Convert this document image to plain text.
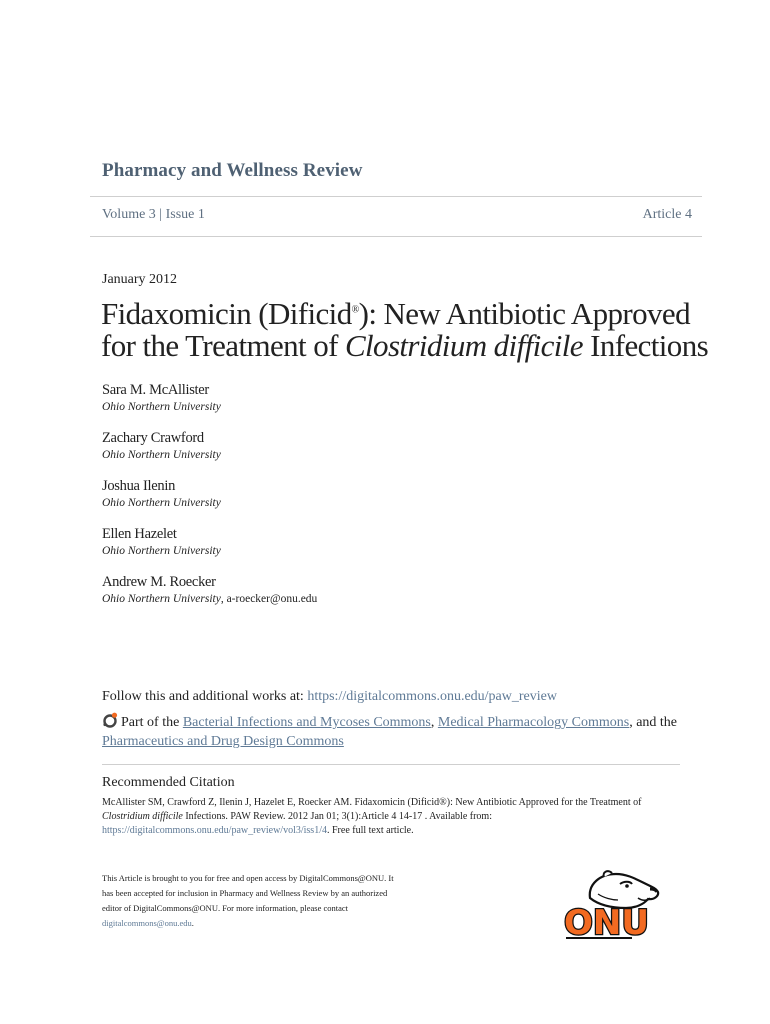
Pharmacy and Wellness Review
Volume 3 | Issue 1	Article 4
January 2012
Fidaxomicin (Dificid®): New Antibiotic Approved for the Treatment of Clostridium difficile Infections
Sara M. McAllister
Ohio Northern University
Zachary Crawford
Ohio Northern University
Joshua Ilenin
Ohio Northern University
Ellen Hazelet
Ohio Northern University
Andrew M. Roecker
Ohio Northern University, a-roecker@onu.edu
Follow this and additional works at: https://digitalcommons.onu.edu/paw_review
Part of the Bacterial Infections and Mycoses Commons, Medical Pharmacology Commons, and the Pharmaceutics and Drug Design Commons
Recommended Citation
McAllister SM, Crawford Z, Ilenin J, Hazelet E, Roecker AM. Fidaxomicin (Dificid®): New Antibiotic Approved for the Treatment of Clostridium difficile Infections. PAW Review. 2012 Jan 01; 3(1):Article 4 14-17 . Available from: https://digitalcommons.onu.edu/paw_review/vol3/iss1/4. Free full text article.
This Article is brought to you for free and open access by DigitalCommons@ONU. It has been accepted for inclusion in Pharmacy and Wellness Review by an authorized editor of DigitalCommons@ONU. For more information, please contact digitalcommons@onu.edu.	ONU
